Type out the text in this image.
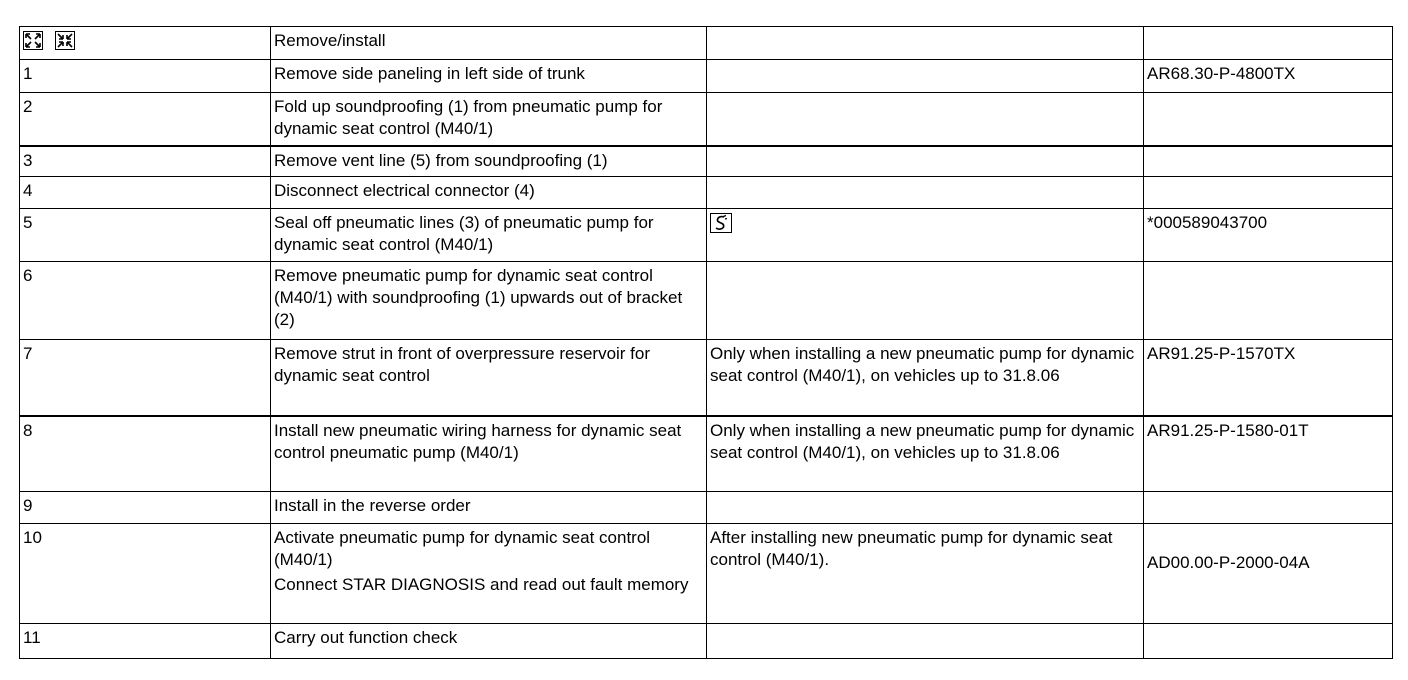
	Remove/install		
1	Remove side paneling in left side of trunk		AR68.30-P-4800TX
2	Fold up soundproofing (1) from pneumatic pump for dynamic seat control (M40/1)		
3	Remove vent line (5) from soundproofing (1)		
4	Disconnect electrical connector (4)		
5	Seal off pneumatic lines (3) of pneumatic pump for dynamic seat control (M40/1)		*000589043700
6	Remove pneumatic pump for dynamic seat control (M40/1) with soundproofing (1) upwards out of bracket (2)		
7	Remove strut in front of overpressure reservoir for dynamic seat control	Only when installing a new pneumatic pump for dynamic seat control (M40/1), on vehicles up to 31.8.06	AR91.25-P-1570TX
8	Install new pneumatic wiring harness for dynamic seat control pneumatic pump (M40/1)	Only when installing a new pneumatic pump for dynamic seat control (M40/1), on vehicles up to 31.8.06	AR91.25-P-1580-01T
9	Install in the reverse order		
10	Activate pneumatic pump for dynamic seat control (M40/1)
Connect STAR DIAGNOSIS and read out fault memory	After installing new pneumatic pump for dynamic seat control (M40/1).	AD00.00-P-2000-04A

11	Carry out function check		
